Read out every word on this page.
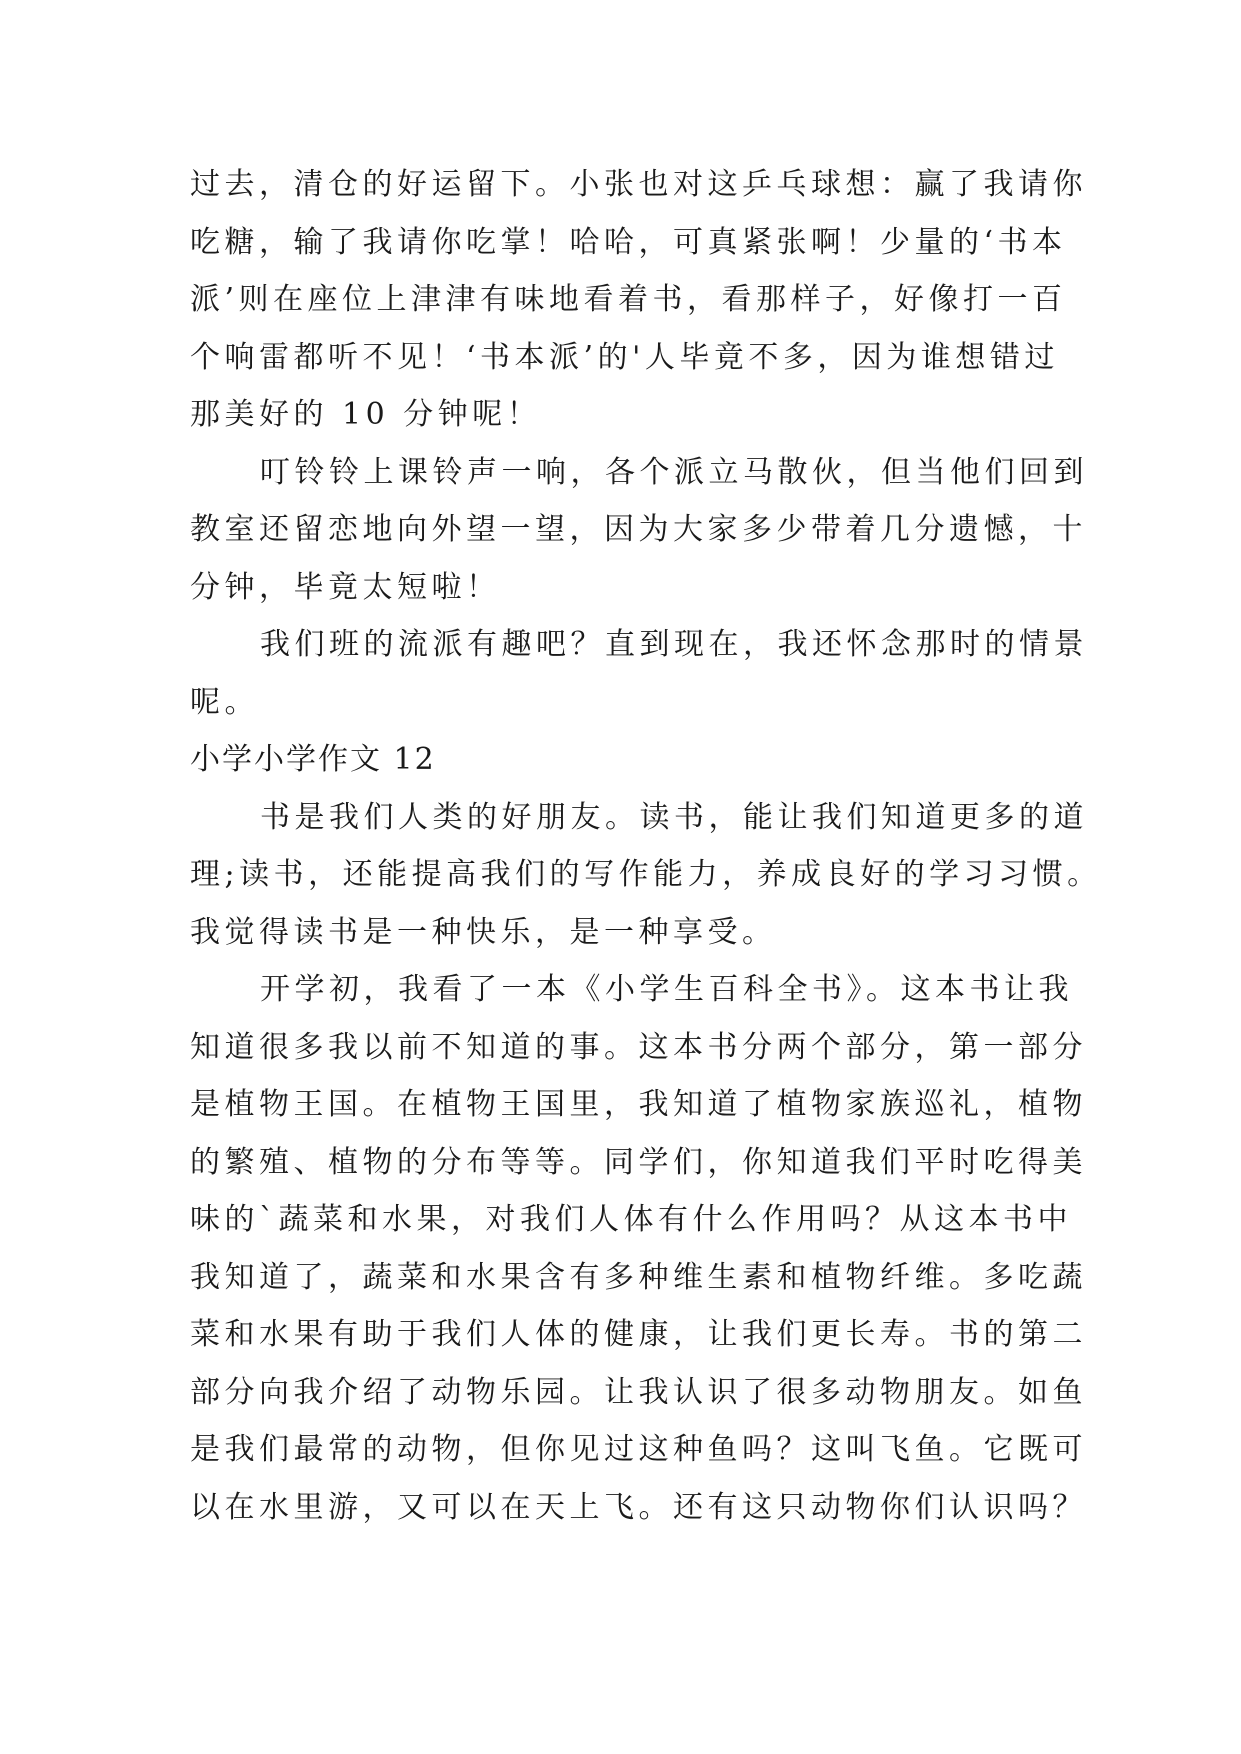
过去，清仓的好运留下。小张也对这乒乓球想：赢了我请你
吃糖，输了我请你吃掌！哈哈，可真紧张啊！少量的‘书本
派’则在座位上津津有味地看着书，看那样子，好像打一百
个响雷都听不见！‘书本派’的'人毕竟不多，因为谁想错过
那美好的 10 分钟呢！
叮铃铃上课铃声一响，各个派立马散伙，但当他们回到
教室还留恋地向外望一望，因为大家多少带着几分遗憾，十
分钟，毕竟太短啦！
我们班的流派有趣吧？直到现在，我还怀念那时的情景
呢。
小学小学作文 12
书是我们人类的好朋友。读书，能让我们知道更多的道
理;读书，还能提高我们的写作能力，养成良好的学习习惯。
我觉得读书是一种快乐，是一种享受。
开学初，我看了一本《小学生百科全书》。这本书让我
知道很多我以前不知道的事。这本书分两个部分，第一部分
是植物王国。在植物王国里，我知道了植物家族巡礼，植物
的繁殖、植物的分布等等。同学们，你知道我们平时吃得美
味的`蔬菜和水果，对我们人体有什么作用吗？从这本书中
我知道了，蔬菜和水果含有多种维生素和植物纤维。多吃蔬
菜和水果有助于我们人体的健康，让我们更长寿。书的第二
部分向我介绍了动物乐园。让我认识了很多动物朋友。如鱼
是我们最常的动物，但你见过这种鱼吗？这叫飞鱼。它既可
以在水里游，又可以在天上飞。还有这只动物你们认识吗？
